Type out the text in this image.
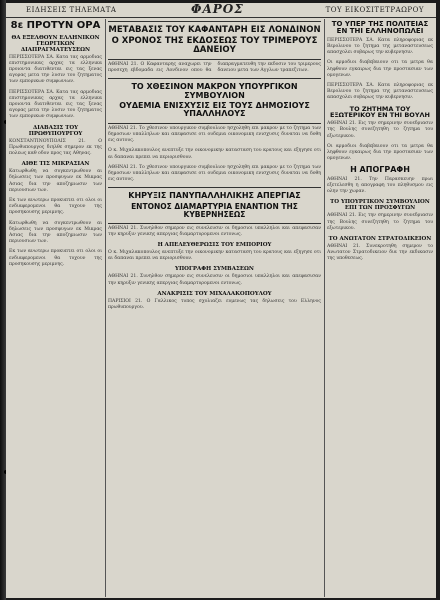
ΕΙΔΗΣΕΙΣ ΤΗΛΕΜΑΤΑ	ΦΑΡΟΣ	ΤΟΥ ΕΙΚΟΣΙΤΕΤΡΑΩΡΟΥ
8ε ΠΡΟΤΥΝ ΟΡΑ
ΘΑ ΕΞΕΛΘΟΥΝ ΕΛΛΗΝΙΚΟΝ ΓΕΩΡΓΙΚΩΝ ΔΙΑΠΡΑΓΜΑΤΕΥΣΕΩΝ

ΠΕΡΙΣΣΟΤΕΡΑ ΣΑ. Κατα τας αρμοδιας επιστημονικας αρχας τα ελληνικα προιοντα διατιθενται εις τας ξενας αγορας μετα την λυσιν του ζητηματος των εμπορικων συμφωνιων.

ΠΕΡΙΣΣΟΤΕΡΑ ΣΑ. Κατα τας αρμοδιας επιστημονικας αρχας τα ελληνικα προιοντα διατιθενται εις τας ξενας αγορας μετα την λυσιν του ζητηματος των εμπορικων συμφωνιων.

ΔΙΑΒΑΣΙΣ ΤΟΥ ΠΡΩΘΥΠΟΥΡΓΟΥ

ΚΟΝΣΤΑΝΤΙΝΟΥΠΟΛΙΣ 21. Ο Πρωθυπουργος διηλθε σημερον εκ της πολεως καθ οδον προς τας Αθηνας.

ΑΙΘΕ ΤΙΣ ΜΙΚΡΑΣΙΑΝ

Κατωρθωθη να συγκεντρωθουν αι δηλωσεις των προσφυγων εκ Μικρας Ασιας δια την αποζημιωσιν των περιουσιων των.

Εκ των ανωτερω προκυπτει οτι ολοι οι ενδιαφερομενοι θα τυχουν της προσηκουσης μεριμνης.

Κατωρθωθη να συγκεντρωθουν αι δηλωσεις των προσφυγων εκ Μικρας Ασιας δια την αποζημιωσιν των περιουσιων των.

Εκ των ανωτερω προκυπτει οτι ολοι οι ενδιαφερομενοι θα τυχουν της προσηκουσης μεριμνης.

ΜΕΤΑΒΑΣΙΣ ΤΟΥ ΚΑΦΑΝΤΑΡΗ ΕΙΣ ΛΟΝΔΙΝΟΝ
Ο ΧΡΟΝΟΣ ΤΗΣ ΕΚΔΟΣΕΩΣ ΤΟΥ ΤΡΙΜΕΡΟΥΣ ΔΑΝΕΙΟΥ

ΑΘΗΝΑΙ 21. Ο Καφανταρης αναχωρει την προσεχη εβδομαδα εις Λονδινον οπου θα διαπραγματευθη την εκδοσιν του τριμερους δανειου μετα των Αγγλων τραπεζιτων.

ΤΟ ΧΘΕΣΙΝΟΝ ΜΑΚΡΟΝ ΥΠΟΥΡΓΙΚΟΝ ΣΥΜΒΟΥΛΙΟΝ
ΟΥΔΕΜΙΑ ΕΝΙΣΧΥΣΙΣ ΕΙΣ ΤΟΥΣ ΔΗΜΟΣΙΟΥΣ ΥΠΑΛΛΗΛΟΥΣ

ΑΘΗΝΑΙ 21. Το χθεσινον υπουργικον συμβουλιον ησχοληθη επι μακρον με το ζητημα των δημοσιων υπαλληλων και απεφασισε οτι ουδεμια οικονομικη ενισχυσις δυναται να δοθη εις αυτους.

Ο κ. Μιχαλακοπουλος ανεπτυξε την οικονομικην κατασταση του κρατους και εξηγησε οτι αι δαπαναι πρεπει να περιορισθουν.

ΑΘΗΝΑΙ 21. Το χθεσινον υπουργικον συμβουλιον ησχοληθη επι μακρον με το ζητημα των δημοσιων υπαλληλων και απεφασισε οτι ουδεμια οικονομικη ενισχυσις δυναται να δοθη εις αυτους.

ΚΗΡΥΞΙΣ ΠΑΝΥΠΑΛΛΗΛΙΚΗΣ ΑΠΕΡΓΙΑΣ
ΕΝΤΟΝΟΣ ΔΙΑΜΑΡΤΥΡΙΑ ΕΝΑΝΤΙΟΝ ΤΗΣ ΚΥΒΕΡΝΗΣΕΩΣ

ΑΘΗΝΑΙ 21. Συνηλθον σημερον εις συνελευσιν οι δημοσιοι υπαλληλοι και απεφασισαν την κηρυξιν γενικης απεργιας διαμαρτυρομενοι εντονως.

Η ΑΠΕΛΕΥΘΕΡΩΣΙΣ ΤΟΥ ΕΜΠΟΡΙΟΥ

Ο κ. Μιχαλακοπουλος ανεπτυξε την οικονομικην κατασταση του κρατους και εξηγησε οτι αι δαπαναι πρεπει να περιορισθουν.

ΥΠΟΓΡΑΦΗ ΣΥΜΒΑΣΕΩΝ

ΑΘΗΝΑΙ 21. Συνηλθον σημερον εις συνελευσιν οι δημοσιοι υπαλληλοι και απεφασισαν την κηρυξιν γενικης απεργιας διαμαρτυρομενοι εντονως.

ΑΝΑΚΡΙΣΙΣ ΤΟΥ ΜΙΧΑΛΑΚΟΠΟΥΛΟΥ

ΠΑΡΙΣΙΟΙ 21. Ο Γαλλικος τυπος σχολιαζει ευμενως τας δηλωσεις του Ελληνος πρωθυπουργου.

ΤΟ ΥΠΕΡ ΤΗΣ ΠΟΛΙΤΕΙΑΣ ΕΝ ΤΗΙ ΕΛΛΗΝΟΠΩΛΕΙ

ΠΕΡΙΣΣΟΤΕΡΑ ΣΑ. Κατα πληροφοριας εκ Βερολινου το ζητημα της μεταναστευσεως απασχολει σοβαρως την κυβερνησιν.

Οι αρμοδιοι διαβεβαιουν οτι τα μετρα θα ληφθουν εγκαιρως δια την προστασιαν των ομογενων.

ΠΕΡΙΣΣΟΤΕΡΑ ΣΑ. Κατα πληροφοριας εκ Βερολινου το ζητημα της μεταναστευσεως απασχολει σοβαρως την κυβερνησιν.

ΤΟ ΖΗΤΗΜΑ ΤΟΥ ΕΞΩΤΕΡΙΚΟΥ ΕΝ ΤΗΙ ΒΟΥΛΗ

ΑΘΗΝΑΙ 21. Εις την σημερινην συνεδριασιν της Βουλης συνεζητηθη το ζητημα του εξωτερικου.

Οι αρμοδιοι διαβεβαιουν οτι τα μετρα θα ληφθουν εγκαιρως δια την προστασιαν των ομογενων.

Η ΑΠΟΓΡΑΦΗ

ΑΘΗΝΑΙ 21. Την Παρασκευην πρωι εξετελεσθη η απογραφη του πληθυσμου εις ολην την χωραν.

ΤΟ ΥΠΟΥΡΓΙΚΟΝ ΣΥΜΒΟΥΛΙΟΝ ΕΠΙ ΤΩΝ ΠΡΟΣΦΥΓΩΝ

ΑΘΗΝΑΙ 21. Εις την σημερινην συνεδριασιν της Βουλης συνεζητηθη το ζητημα του εξωτερικου.

ΤΟ ΑΝΩΤΑΤΟΝ ΣΤΡΑΤΟΔΙΚΕΙΟΝ

ΑΘΗΝΑΙ 21. Συνεκροτηθη σημερον το Ανωτατον Στρατοδικειον δια την εκδικασιν της υποθεσεως.
